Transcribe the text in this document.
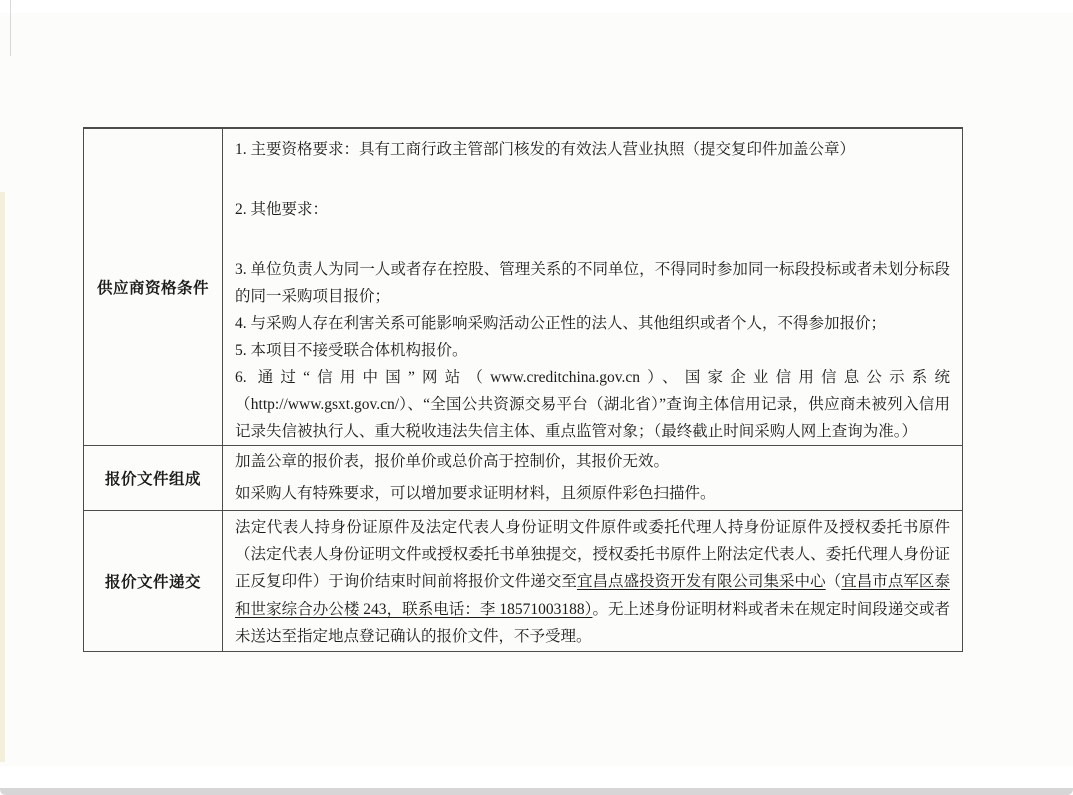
供应商资格条件

1. 主要资格要求：具有工商行政主管部门核发的有效法人营业执照（提交复印件加盖公章）

2. 其他要求：

3. 单位负责人为同一人或者存在控股、管理关系的不同单位，不得同时参加同一标段投标或者未划分标段的同一采购项目报价；

4. 与采购人存在利害关系可能影响采购活动公正性的法人、其他组织或者个人，不得参加报价；

5. 本项目不接受联合体机构报价。

6. 通过“信用中国”网站（www.creditchina.gov.cn）、国家企业信用信息公示系统（http://www.gsxt.gov.cn/）、“全国公共资源交易平台（湖北省）”查询主体信用记录，供应商未被列入信用记录失信被执行人、重大税收违法失信主体、重点监管对象；（最终截止时间采购人网上查询为准。）

报价文件组成

加盖公章的报价表，报价单价或总价高于控制价，其报价无效。

如采购人有特殊要求，可以增加要求证明材料，且须原件彩色扫描件。

报价文件递交
法定代表人持身份证原件及法定代表人身份证明文件原件或委托代理人持身份证原件及授权委托书原件（法定代表人身份证明文件或授权委托书单独提交，授权委托书原件上附法定代表人、委托代理人身份证正反复印件）于询价结束时间前将报价文件递交至宜昌点盛投资开发有限公司集采中心（宜昌市点军区泰和世家综合办公楼 243，联系电话：李 18571003188）。无上述身份证明材料或者未在规定时间段递交或者未送达至指定地点登记确认的报价文件，不予受理。
